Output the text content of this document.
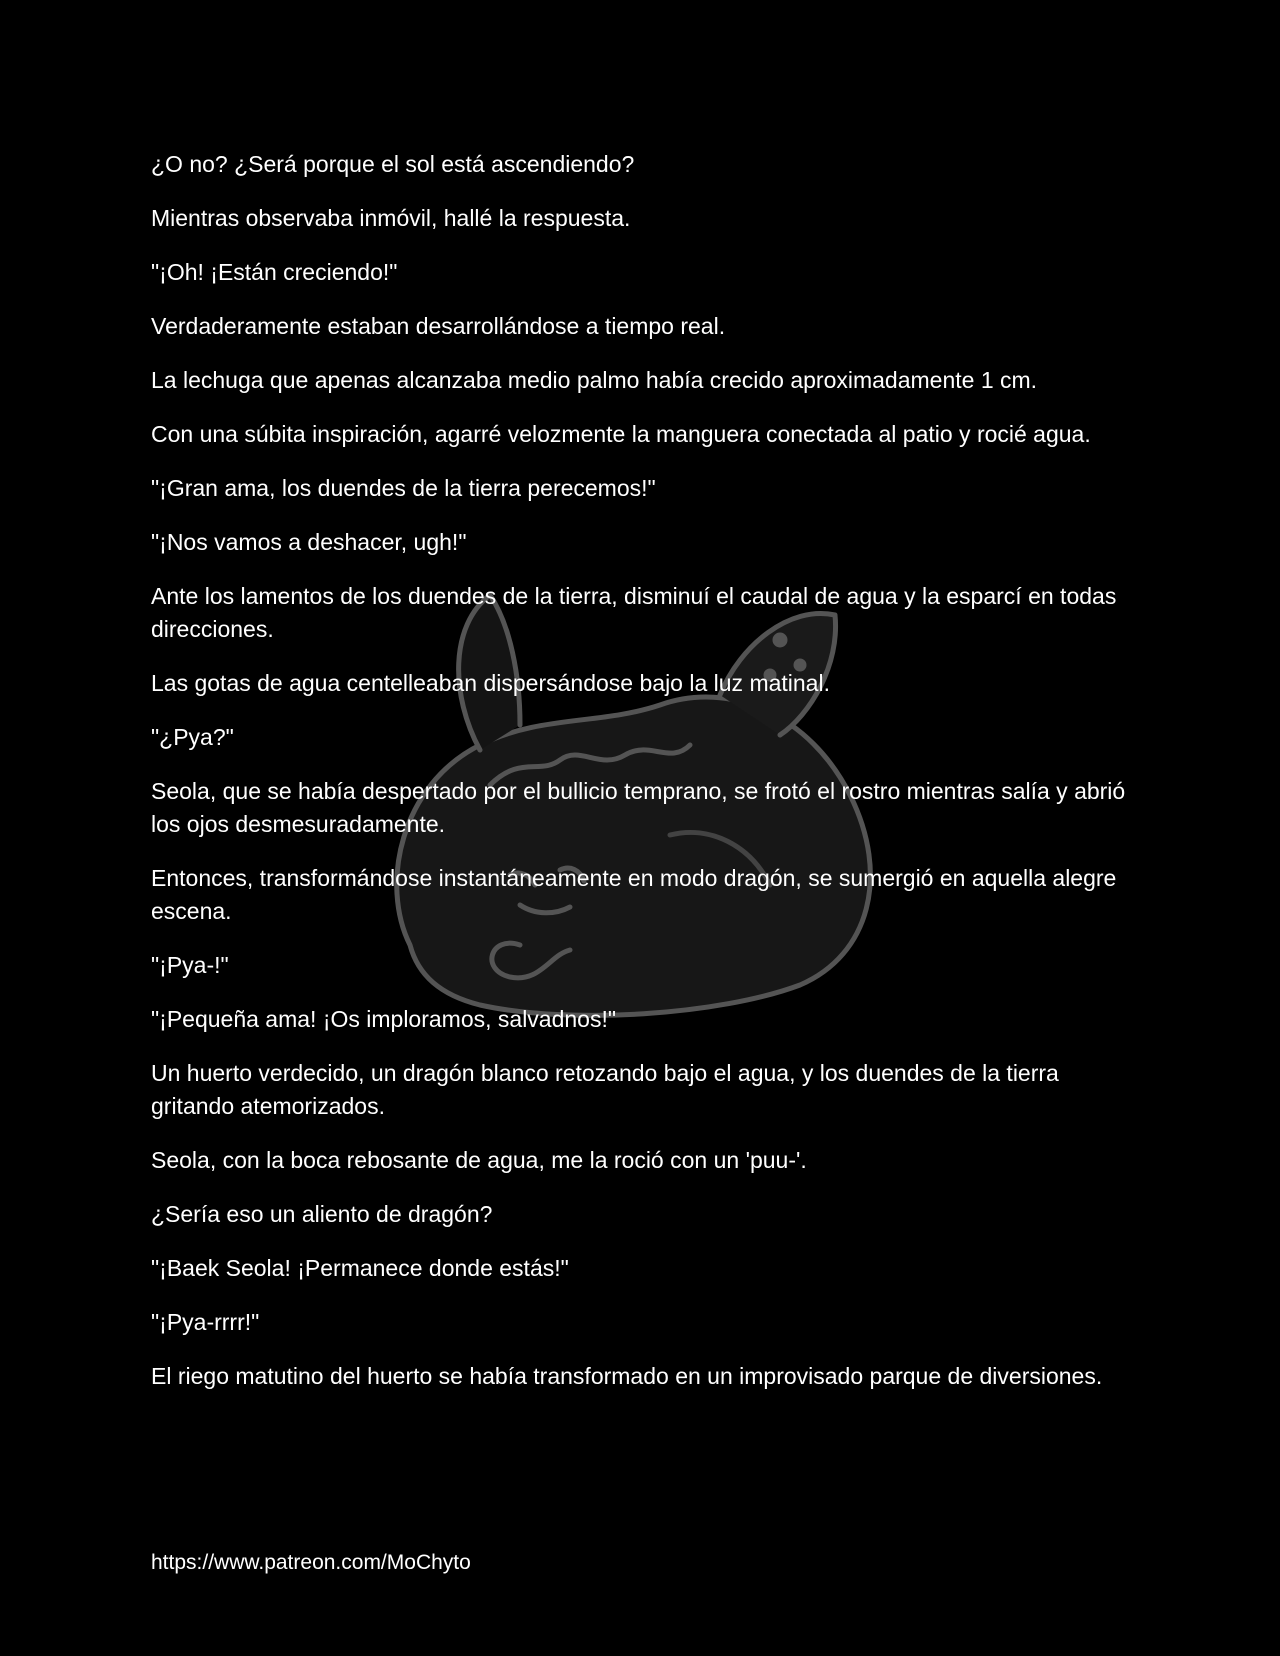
¿O no? ¿Será porque el sol está ascendiendo?

Mientras observaba inmóvil, hallé la respuesta.

"¡Oh! ¡Están creciendo!"

Verdaderamente estaban desarrollándose a tiempo real.

La lechuga que apenas alcanzaba medio palmo había crecido aproximadamente 1 cm.

Con una súbita inspiración, agarré velozmente la manguera conectada al patio y rocié agua.

"¡Gran ama, los duendes de la tierra perecemos!"

"¡Nos vamos a deshacer, ugh!"

Ante los lamentos de los duendes de la tierra, disminuí el caudal de agua y la esparcí en todas direcciones.

Las gotas de agua centelleaban dispersándose bajo la luz matinal.

"¿Pya?"

Seola, que se había despertado por el bullicio temprano, se frotó el rostro mientras salía y abrió los ojos desmesuradamente.

Entonces, transformándose instantáneamente en modo dragón, se sumergió en aquella alegre escena.

"¡Pya-!"

"¡Pequeña ama! ¡Os imploramos, salvadnos!"

Un huerto verdecido, un dragón blanco retozando bajo el agua, y los duendes de la tierra gritando atemorizados.

Seola, con la boca rebosante de agua, me la roció con un 'puu-'.

¿Sería eso un aliento de dragón?

"¡Baek Seola! ¡Permanece donde estás!"

"¡Pya-rrrr!"

El riego matutino del huerto se había transformado en un improvisado parque de diversiones.

https://www.patreon.com/MoChyto
